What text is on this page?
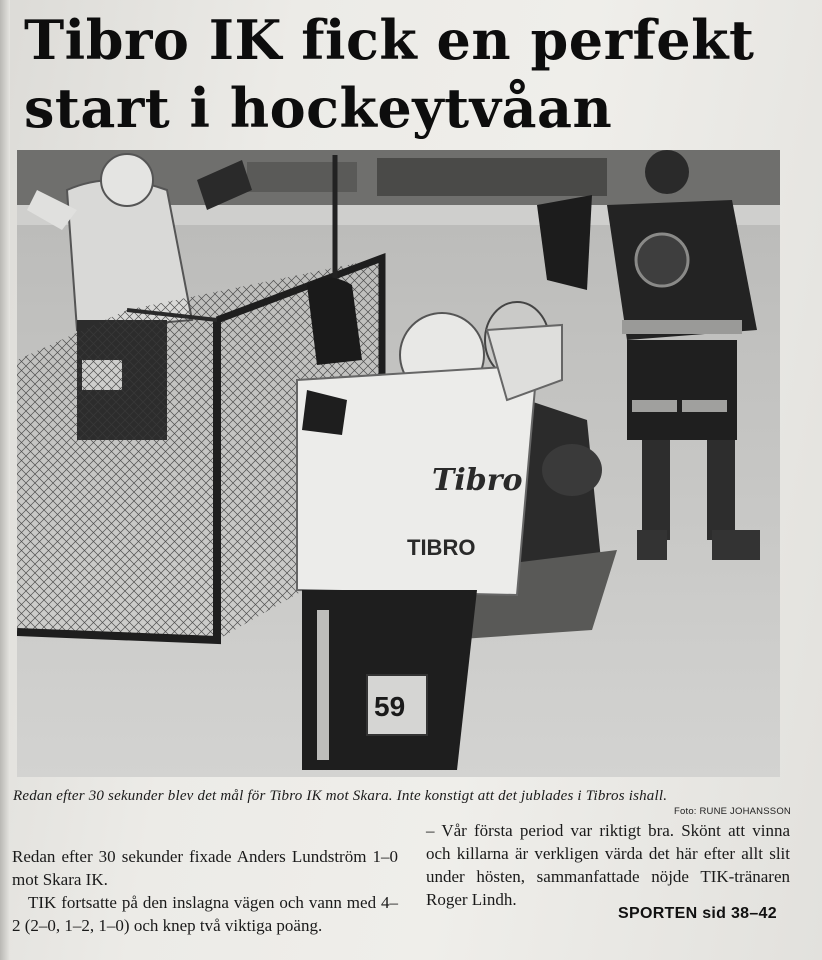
Tibro IK fick en perfekt
start i hockeytvåan
Tibro
TIBRO
59
Redan efter 30 sekunder blev det mål för Tibro IK mot Skara. Inte konstigt att det jublades i Tibros ishall.
Foto: RUNE JOHANSSON

Redan efter 30 sekunder fixade Anders Lundström 1–0 mot Skara IK.

TIK fortsatte på den inslagna vägen och vann med 4–2 (2–0, 1–2, 1–0) och knep två viktiga poäng.

– Vår första period var riktigt bra. Skönt att vinna och killarna är verkligen värda det här efter allt slit under hösten, sammanfattade nöjde TIK-tränaren Roger Lindh.

SPORTEN sid 38–42
